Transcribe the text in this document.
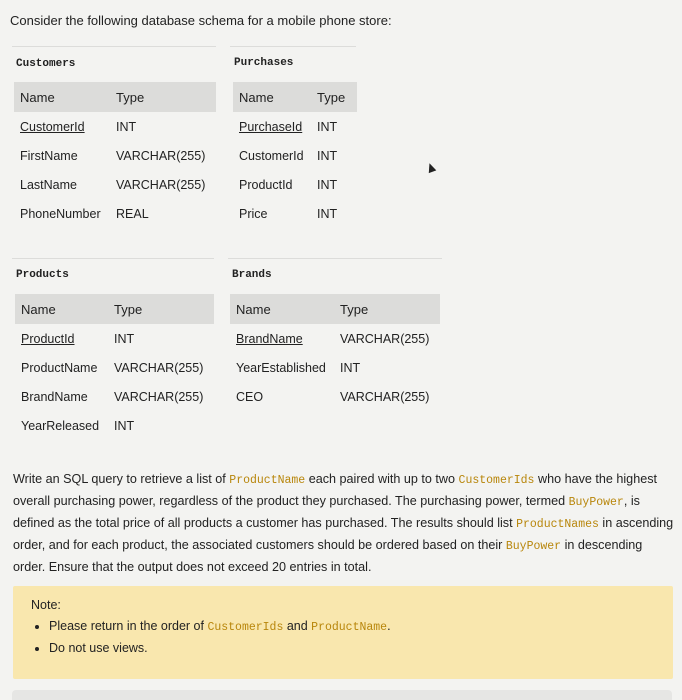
Consider the following database schema for a mobile phone store:
Customers
Name	Type
CustomerId	INT
FirstName	VARCHAR(255)
LastName	VARCHAR(255)
PhoneNumber	REAL
Purchases
Name	Type
PurchaseId	INT
CustomerId	INT
ProductId	INT
Price	INT
Products
Name	Type
ProductId	INT
ProductName	VARCHAR(255)
BrandName	VARCHAR(255)
YearReleased	INT
Brands
Name	Type
BrandName	VARCHAR(255)
YearEstablished	INT
CEO	VARCHAR(255)
Write an SQL query to retrieve a list of ProductName each paired with up to two CustomerIds who have the highest overall purchasing power, regardless of the product they purchased. The purchasing power, termed BuyPower, is defined as the total price of all products a customer has purchased. The results should list ProductNames in ascending order, and for each product, the associated customers should be ordered based on their BuyPower in descending order. Ensure that the output does not exceed 20 entries in total.
Note:
• Please return in the order of CustomerIds and ProductName.
• Do not use views.
